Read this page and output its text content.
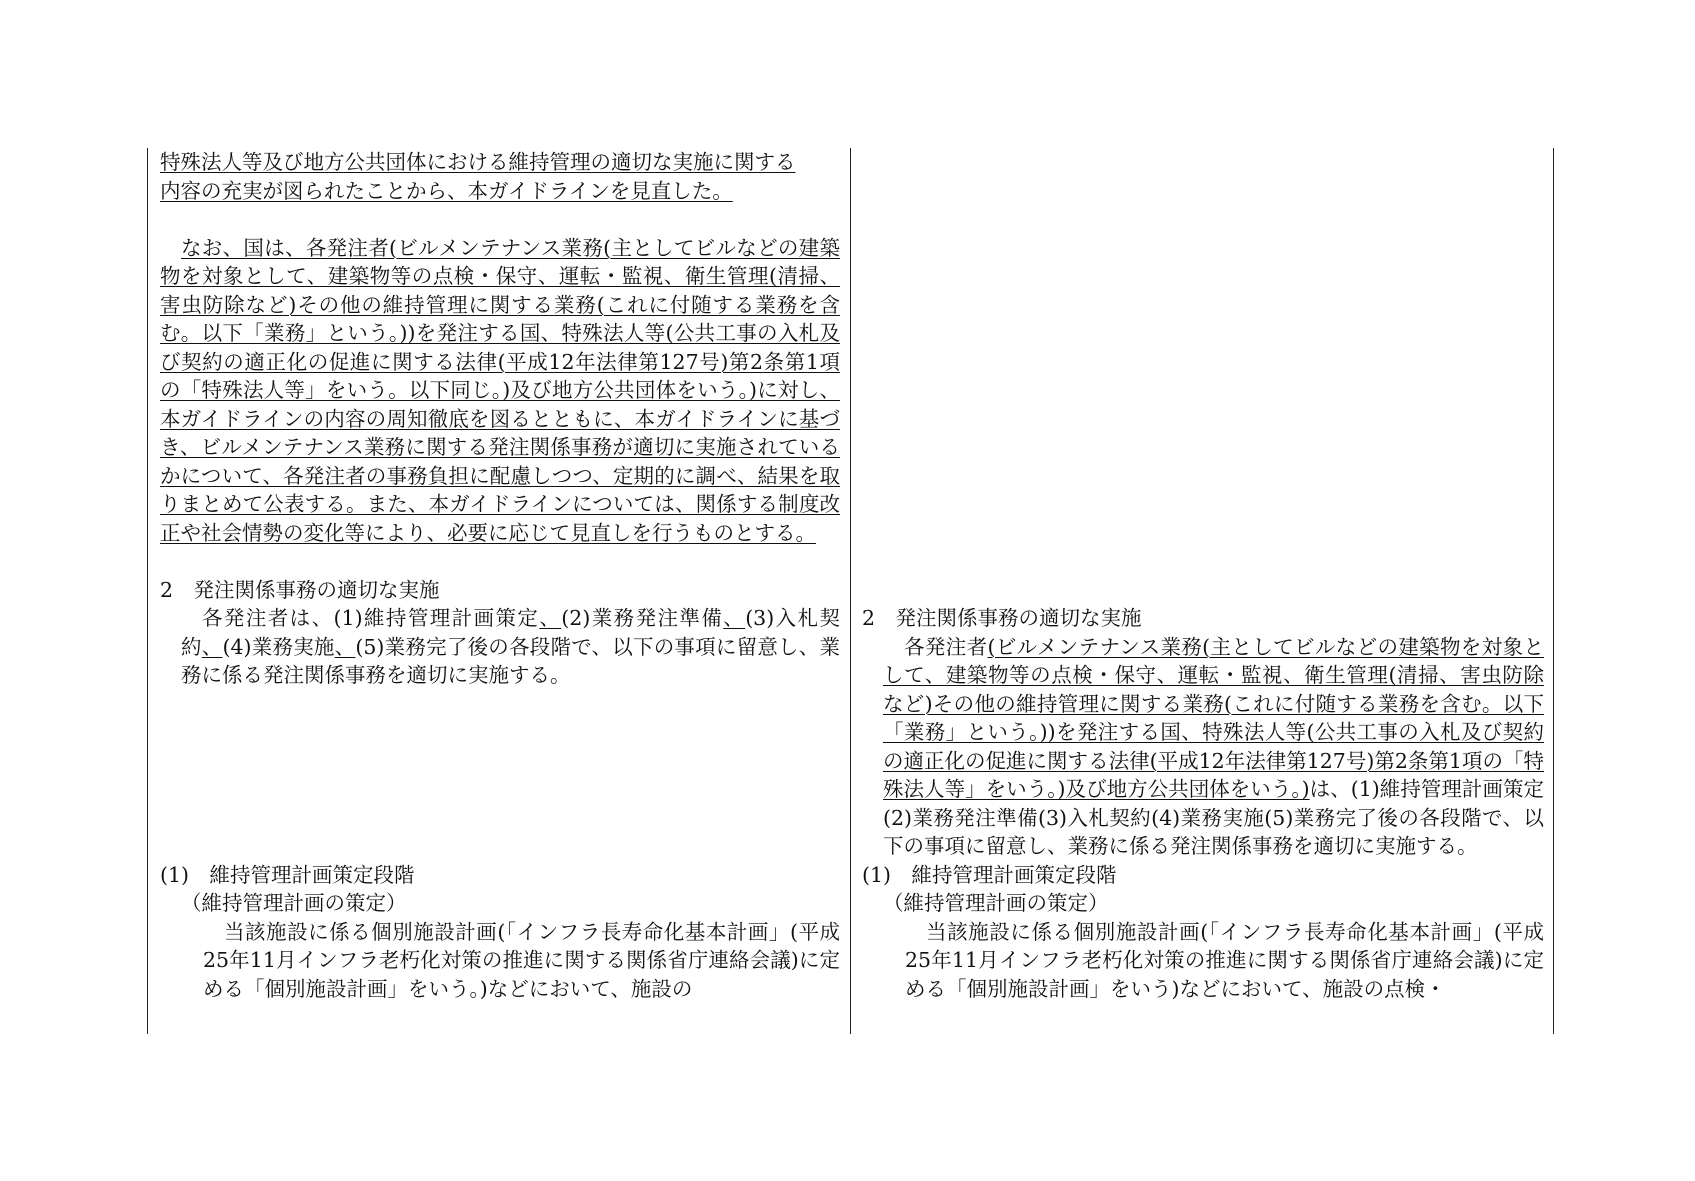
特殊法人等及び地方公共団体における維持管理の適切な実施に関する

内容の充実が図られたことから、本ガイドラインを見直した。

なお、国は、各発注者(ビルメンテナンス業務(主としてビルなどの建築物を対象として、建築物等の点検・保守、運転・監視、衛生管理(清掃、害虫防除など)その他の維持管理に関する業務(これに付随する業務を含む。以下「業務」という。))を発注する国、特殊法人等(公共工事の入札及び契約の適正化の促進に関する法律(平成12年法律第127号)第2条第1項の「特殊法人等」をいう。以下同じ。)及び地方公共団体をいう。)に対し、本ガイドラインの内容の周知徹底を図るとともに、本ガイドラインに基づき、ビルメンテナンス業務に関する発注関係事務が適切に実施されているかについて、各発注者の事務負担に配慮しつつ、定期的に調べ、結果を取りまとめて公表する。また、本ガイドラインについては、関係する制度改正や社会情勢の変化等により、必要に応じて見直しを行うものとする。

2　発注関係事務の適切な実施

各発注者は、(1)維持管理計画策定、(2)業務発注準備、(3)入札契約、(4)業務実施、(5)業務完了後の各段階で、以下の事項に留意し、業務に係る発注関係事務を適切に実施する。

(1)　維持管理計画策定段階

（維持管理計画の策定）

当該施設に係る個別施設計画(「インフラ長寿命化基本計画」(平成25年11月インフラ老朽化対策の推進に関する関係省庁連絡会議)に定める「個別施設計画」をいう。)などにおいて、施設の

2　発注関係事務の適切な実施

各発注者(ビルメンテナンス業務(主としてビルなどの建築物を対象として、建築物等の点検・保守、運転・監視、衛生管理(清掃、害虫防除など)その他の維持管理に関する業務(これに付随する業務を含む。以下「業務」という。))を発注する国、特殊法人等(公共工事の入札及び契約の適正化の促進に関する法律(平成12年法律第127号)第2条第1項の「特殊法人等」をいう。)及び地方公共団体をいう。)は、(1)維持管理計画策定(2)業務発注準備(3)入札契約(4)業務実施(5)業務完了後の各段階で、以下の事項に留意し、業務に係る発注関係事務を適切に実施する。

(1)　維持管理計画策定段階

（維持管理計画の策定）

当該施設に係る個別施設計画(「インフラ長寿命化基本計画」(平成25年11月インフラ老朽化対策の推進に関する関係省庁連絡会議)に定める「個別施設計画」をいう)などにおいて、施設の点検・
